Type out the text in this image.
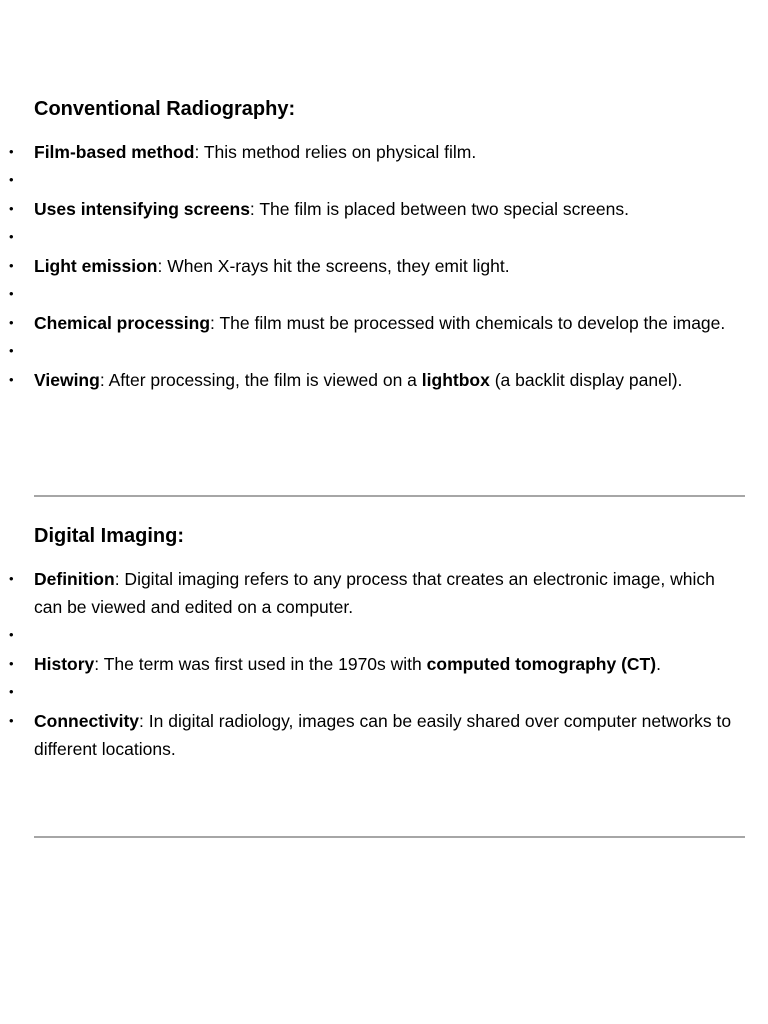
Conventional Radiography:
• Film-based method: This method relies on physical film.
•
• Uses intensifying screens: The film is placed between two special screens.
•
• Light emission: When X-rays hit the screens, they emit light.
•
• Chemical processing: The film must be processed with chemicals to develop the image.
•
• Viewing: After processing, the film is viewed on a lightbox (a backlit display panel).
Digital Imaging:
• Definition: Digital imaging refers to any process that creates an electronic image, which can be viewed and edited on a computer.
•
• History: The term was first used in the 1970s with computed tomography (CT).
•
• Connectivity: In digital radiology, images can be easily shared over computer networks to different locations.
